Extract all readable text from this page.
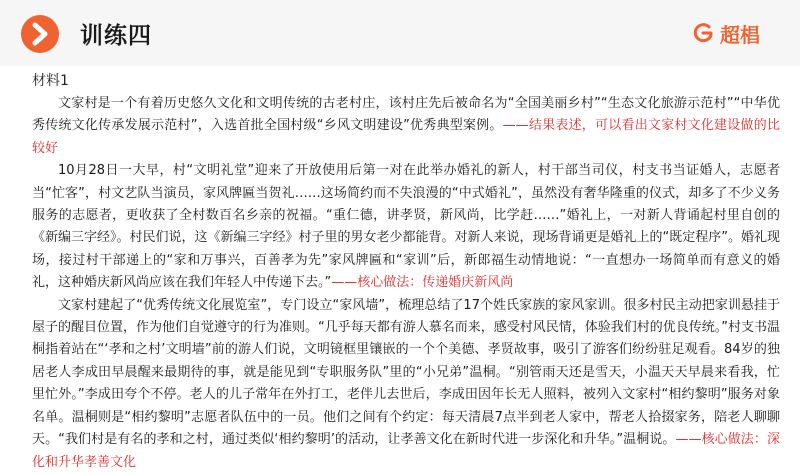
训练四	超椙
材料1

文家村是一个有着历史悠久文化和文明传统的古老村庄，该村庄先后被命名为“全国美丽乡村”“生态文化旅游示范村”“中华优秀传统文化传承发展示范村”，入选首批全国村级“乡风文明建设”优秀典型案例。——结果表述，可以看出文家村文化建设做的比较好

10月28日一大早，村“文明礼堂”迎来了开放使用后第一对在此举办婚礼的新人，村干部当司仪，村支书当证婚人，志愿者当“忙客”，村文艺队当演员，家风牌匾当贺礼……这场简约而不失浪漫的“中式婚礼”，虽然没有奢华隆重的仪式，却多了不少义务服务的志愿者，更收获了全村数百名乡亲的祝福。“重仁德，讲孝贤，新风尚，比学赶……”婚礼上，一对新人背诵起村里自创的《新编三字经》。村民们说，这《新编三字经》村子里的男女老少都能背。对新人来说，现场背诵更是婚礼上的“既定程序”。婚礼现场，接过村干部递上的“家和万事兴，百善孝为先”家风牌匾和“家训”后，新郎福生动情地说：“一直想办一场简单而有意义的婚礼，这种婚庆新风尚应该在我们年轻人中传递下去。”——核心做法：传递婚庆新风尚

文家村建起了“优秀传统文化展览室”，专门设立“家风墙”，梳理总结了17个姓氏家族的家风家训。很多村民主动把家训悬挂于屋子的醒目位置，作为他们自觉遵守的行为准则。“几乎每天都有游人慕名而来，感受村风民情，体验我们村的优良传统。”村支书温桐指着站在“‘孝和之村’文明墙”前的游人们说，文明镜框里镶嵌的一个个美德、孝贤故事，吸引了游客们纷纷驻足观看。84岁的独居老人李成田早晨醒来最期待的事，就是能见到“专职服务队”里的“小兄弟”温桐。“别管雨天还是雪天，小温天天早晨来看我，忙里忙外。”李成田夸个不停。老人的儿子常年在外打工，老伴儿去世后，李成田因年长无人照料，被列入文家村“相约黎明”服务对象名单。温桐则是“相约黎明”志愿者队伍中的一员。他们之间有个约定：每天清晨7点半到老人家中，帮老人拾掇家务，陪老人聊聊天。“我们村是有名的孝和之村，通过类似‘相约黎明’的活动，让孝善文化在新时代进一步深化和升华。”温桐说。——核心做法：深化和升华孝善文化
